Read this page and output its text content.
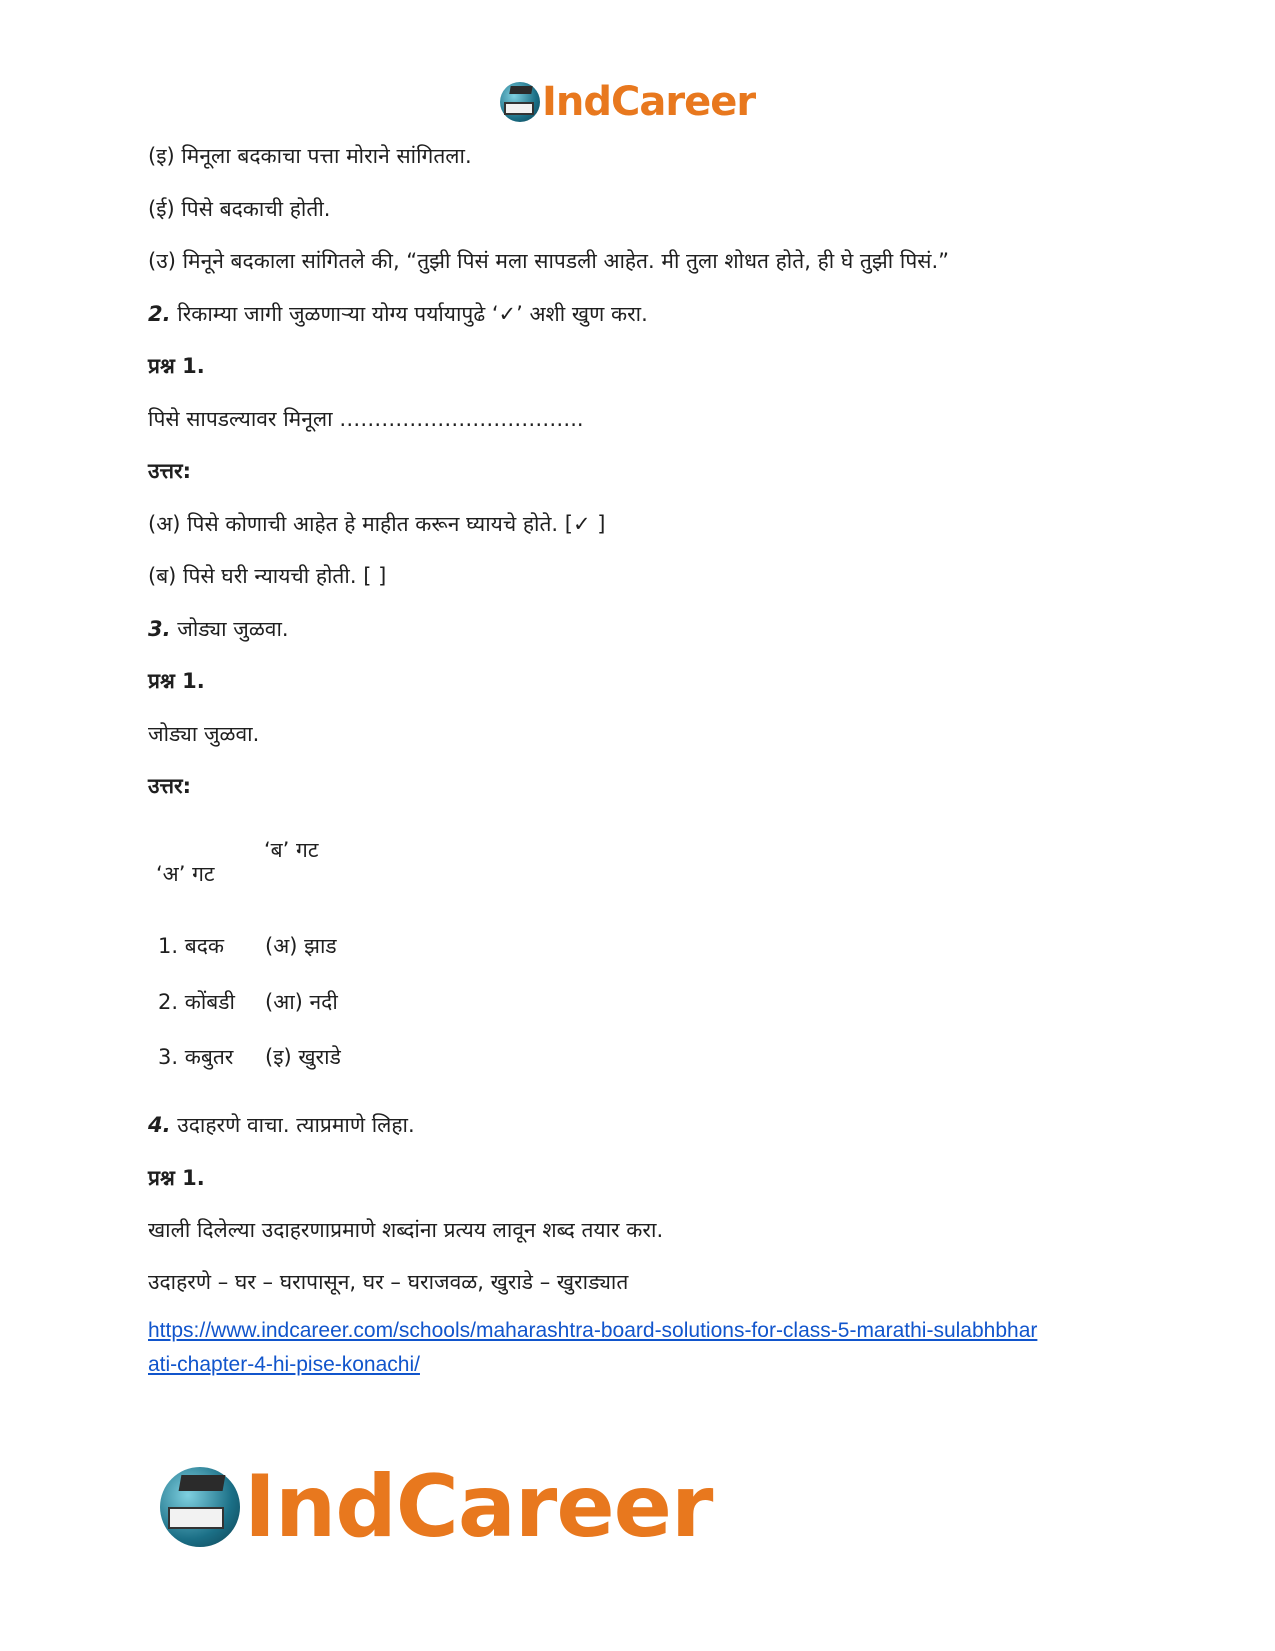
IndCareer
(इ) मिनूला बदकाचा पत्ता मोराने सांगितला.
(ई) पिसे बदकाची होती.
(उ) मिनूने बदकाला सांगितले की, “तुझी पिसं मला सापडली आहेत. मी तुला शोधत होते, ही घे तुझी पिसं.”
2. रिकाम्या जागी जुळणाऱ्या योग्य पर्यायापुढे ‘✓’ अशी खुण करा.
प्रश्न 1.
पिसे सापडल्यावर मिनूला ……………………………..
उत्तर:
(अ) पिसे कोणाची आहेत हे माहीत करून घ्यायचे होते. [✓ ]
(ब) पिसे घरी न्यायची होती. [ ]
3. जोड्या जुळवा.
प्रश्न 1.
जोड्या जुळवा.
उत्तर:
‘ब’ गट
‘अ’ गट
1. बदक (अ) झाड
2. कोंबडी (आ) नदी
3. कबुतर (इ) खुराडे
4. उदाहरणे वाचा. त्याप्रमाणे लिहा.
प्रश्न 1.
खाली दिलेल्या उदाहरणाप्रमाणे शब्दांना प्रत्यय लावून शब्द तयार करा.
उदाहरणे – घर – घरापासून, घर – घराजवळ, खुराडे – खुराड्यात
https://www.indcareer.com/schools/maharashtra-board-solutions-for-class-5-marathi-sulabhbhar
ati-chapter-4-hi-pise-konachi/
IndCareer
